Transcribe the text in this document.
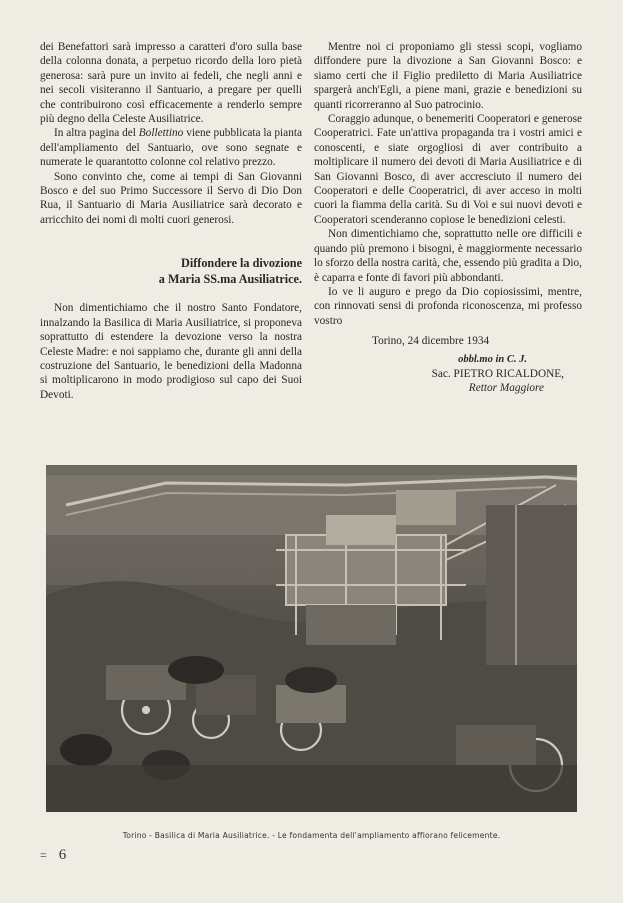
dei Benefattori sarà impresso a caratteri d'oro sulla base della colonna donata, a perpetuo ricordo della loro pietà generosa: sarà pure un invito ai fedeli, che negli anni e nei secoli visiteranno il Santuario, a pregare per quelli che contribuirono così efficacemente a renderlo sempre più degno della Celeste Ausiliatrice.

In altra pagina del Bollettino viene pubblicata la pianta dell'ampliamento del Santuario, ove sono segnate e numerate le quarantotto colonne col relativo prezzo.

Sono convinto che, come ai tempi di San Giovanni Bosco e del suo Primo Successore il Servo di Dio Don Rua, il Santuario di Maria Ausiliatrice sarà decorato e arricchito dei nomi di molti cuori generosi.

Diffondere la divozione
a Maria SS.ma Ausiliatrice.

Non dimentichiamo che il nostro Santo Fondatore, innalzando la Basilica di Maria Ausiliatrice, si proponeva soprattutto di estendere la devozione verso la nostra Celeste Madre: e noi sappiamo che, durante gli anni della costruzione del Santuario, le benedizioni della Madonna si moltiplicarono in modo prodigioso sul capo dei Suoi Devoti.

Mentre noi ci proponiamo gli stessi scopi, vogliamo diffondere pure la divozione a San Giovanni Bosco: e siamo certi che il Figlio prediletto di Maria Ausiliatrice spargerà anch'Egli, a piene mani, grazie e benedizioni su quanti ricorreranno al Suo patrocinio.

Coraggio adunque, o benemeriti Cooperatori e generose Cooperatrici. Fate un'attiva propaganda tra i vostri amici e conoscenti, e siate orgogliosi di aver contribuito a moltiplicare il numero dei devoti di Maria Ausiliatrice e di San Giovanni Bosco, di aver accresciuto il numero dei Cooperatori e delle Cooperatrici, di aver acceso in molti cuori la fiamma della carità. Su di Voi e sui nuovi devoti e Cooperatori scenderanno copiose le benedizioni celesti.

Non dimentichiamo che, soprattutto nelle ore difficili e quando più premono i bisogni, è maggiormente necessario lo sforzo della nostra carità, che, essendo più gradita a Dio, è caparra e fonte di favori più abbondanti.

Io ve li auguro e prego da Dio copiosissimi, mentre, con rinnovati sensi di profonda riconoscenza, mi professo vostro

Torino, 24 dicembre 1934

obbl.mo in C. J.
Sac. PIETRO RICALDONE,
Rettor Maggiore
Torino - Basilica di Maria Ausiliatrice. - Le fondamenta dell'ampliamento affiorano felicemente.
= 6
